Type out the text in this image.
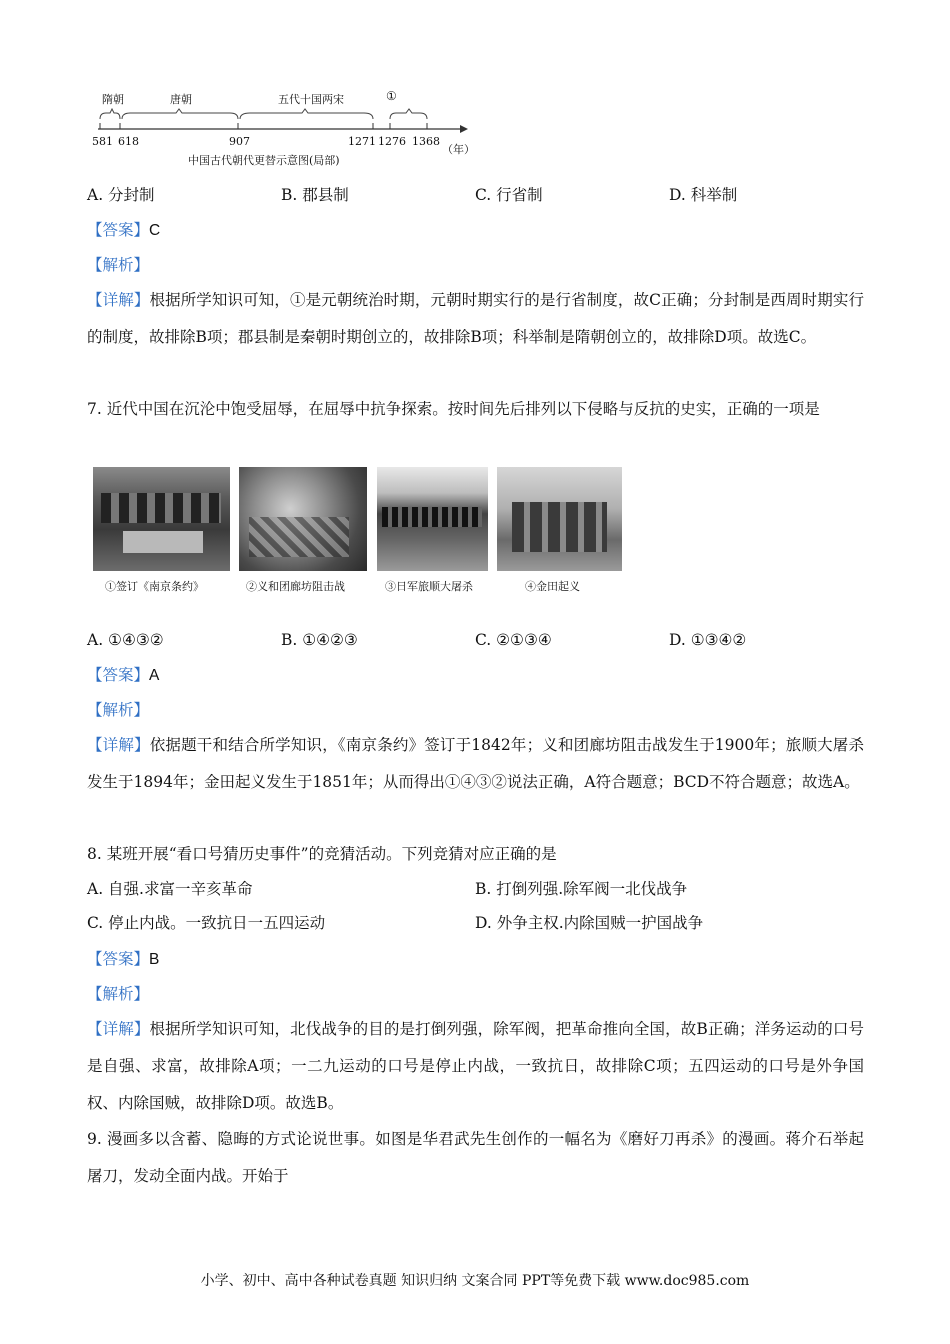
隋朝	唐朝	五代十国两宋	①
581 618	907	1271 1276 1368
（年）
中国古代朝代更替示意图(局部)
A. 分封制	B. 郡县制	C. 行省制	D. 科举制
【答案】C
【解析】
【详解】根据所学知识可知，①是元朝统治时期，元朝时期实行的是行省制度，故C正确；分封制是西周时期实行的制度，故排除B项；郡县制是秦朝时期创立的，故排除B项；科举制是隋朝创立的，故排除D项。故选C。
7. 近代中国在沉沦中饱受屈辱，在屈辱中抗争探索。按时间先后排列以下侵略与反抗的史实，正确的一项是
①签订《南京条约》	②义和团廊坊阻击战	③日军旅顺大屠杀	④金田起义
A. ①④③②	B. ①④②③	C. ②①③④	D. ①③④②
【答案】A
【解析】
【详解】依据题干和结合所学知识，《南京条约》签订于1842年；义和团廊坊阻击战发生于1900年；旅顺大屠杀发生于1894年；金田起义发生于1851年；从而得出①④③②说法正确，A符合题意；BCD不符合题意；故选A。
8. 某班开展“看口号猜历史事件”的竞猜活动。下列竞猜对应正确的是
A. 自强.求富一辛亥革命	B. 打倒列强.除军阀一北伐战争
C. 停止内战。一致抗日一五四运动	D. 外争主权.内除国贼一护国战争
【答案】B
【解析】
【详解】根据所学知识可知，北伐战争的目的是打倒列强，除军阀，把革命推向全国，故B正确；洋务运动的口号是自强、求富，故排除A项；一二九运动的口号是停止内战，一致抗日，故排除C项；五四运动的口号是外争国权、内除国贼，故排除D项。故选B。
9. 漫画多以含蓄、隐晦的方式论说世事。如图是华君武先生创作的一幅名为《磨好刀再杀》的漫画。蒋介石举起屠刀，发动全面内战。开始于
小学、初中、高中各种试卷真题 知识归纳 文案合同 PPT等免费下载 www.doc985.com
